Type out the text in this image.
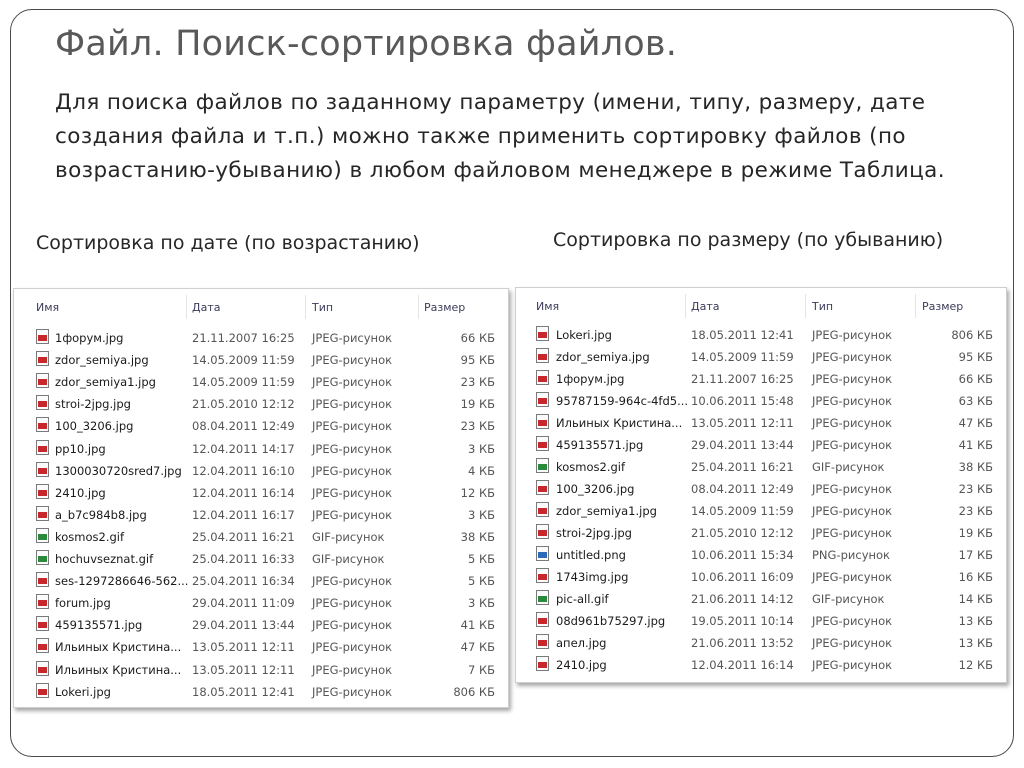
Файл. Поиск-сортировка файлов.
Для поиска файлов по заданному параметру (имени, типу, размеру, дате
создания файла и т.п.) можно также применить сортировку файлов (по
возрастанию-убыванию) в любом файловом менеджере в режиме Таблица.
Сортировка по дате (по возрастанию)	Сортировка по размеру (по убыванию)
Имя	Дата	Тип	Размер
1форум.jpg	21.11.2007 16:25 JPEG-рисунок	66 КБ
zdor_semiya.jpg	14.05.2009 11:59 JPEG-рисунок	95 КБ
zdor_semiya1.jpg	14.05.2009 11:59 JPEG-рисунок	23 КБ
stroi-2jpg.jpg	21.05.2010 12:12 JPEG-рисунок	19 КБ
100_3206.jpg	08.04.2011 12:49 JPEG-рисунок	23 КБ
pp10.jpg	12.04.2011 14:17 JPEG-рисунок	3 КБ
1300030720sred7.jpg 12.04.2011 16:10 JPEG-рисунок	4 КБ
2410.jpg	12.04.2011 16:14 JPEG-рисунок	12 КБ
a_b7c984b8.jpg	12.04.2011 16:17 JPEG-рисунок	3 КБ
kosmos2.gif	25.04.2011 16:21 GIF-рисунок	38 КБ
hochuvseznat.gif	25.04.2011 16:33 GIF-рисунок	5 КБ
ses-1297286646-562... 25.04.2011 16:34 JPEG-рисунок	5 КБ
forum.jpg	29.04.2011 11:09 JPEG-рисунок	3 КБ
459135571.jpg	29.04.2011 13:44 JPEG-рисунок	41 КБ
Ильиных Кристина... 13.05.2011 12:11 JPEG-рисунок	47 КБ
Ильиных Кристина... 13.05.2011 12:11 JPEG-рисунок	7 КБ
Lokeri.jpg	18.05.2011 12:41 JPEG-рисунок	806 КБ
Имя	Дата	Тип	Размер
Lokeri.jpg	18.05.2011 12:41 JPEG-рисунок	806 КБ
zdor_semiya.jpg	14.05.2009 11:59 JPEG-рисунок	95 КБ
1форум.jpg	21.11.2007 16:25 JPEG-рисунок	66 КБ
95787159-964c-4fd5... 10.06.2011 15:48 JPEG-рисунок	63 КБ
Ильиных Кристина... 13.05.2011 12:11 JPEG-рисунок	47 КБ
459135571.jpg	29.04.2011 13:44 JPEG-рисунок	41 КБ
kosmos2.gif	25.04.2011 16:21 GIF-рисунок	38 КБ
100_3206.jpg	08.04.2011 12:49 JPEG-рисунок	23 КБ
zdor_semiya1.jpg	14.05.2009 11:59 JPEG-рисунок	23 КБ
stroi-2jpg.jpg	21.05.2010 12:12 JPEG-рисунок	19 КБ
untitled.png	10.06.2011 15:34 PNG-рисунок	17 КБ
1743img.jpg	10.06.2011 16:09 JPEG-рисунок	16 КБ
pic-all.gif	21.06.2011 14:12 GIF-рисунок	14 КБ
08d961b75297.jpg 19.05.2011 10:14 JPEG-рисунок	13 КБ
апел.jpg	21.06.2011 13:52 JPEG-рисунок	13 КБ
2410.jpg	12.04.2011 16:14 JPEG-рисунок	12 КБ
